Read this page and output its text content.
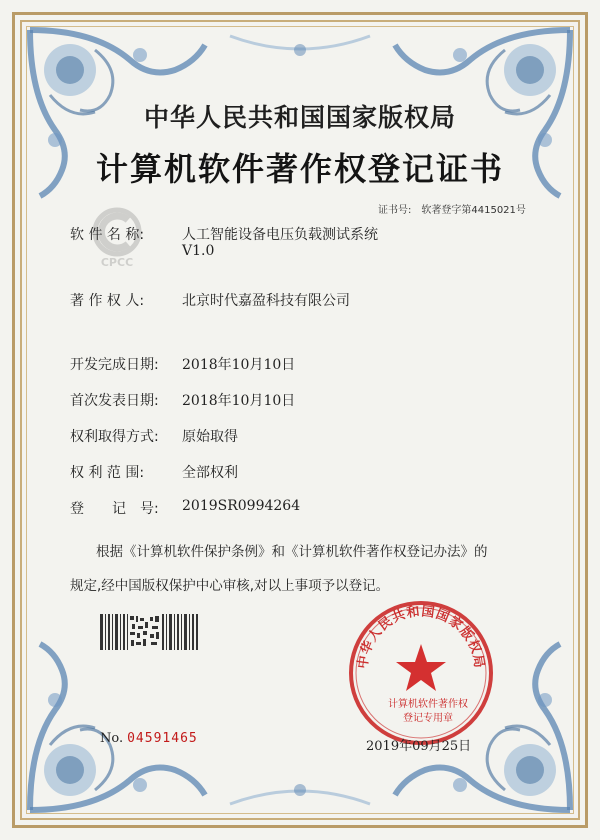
中华人民共和国国家版权局
计算机软件著作权登记证书
证书号: 软著登字第4415021号
CPCC
软 件 名 称:	人工智能设备电压负载测试系统
V1.0
著 作 权 人:	北京时代嘉盈科技有限公司
开发完成日期: 2018年10月10日
首次发表日期: 2018年10月10日
权利取得方式: 原始取得
权 利 范 围:	全部权利
登　　记　号: 2019SR0994264
根据《计算机软件保护条例》和《计算机软件著作权登记办法》的
规定,经中国版权保护中心审核,对以上事项予以登记。
中华人民共和国国家版权局
计算机软件著作权
登记专用章
No. 04591465
2019年09月25日
